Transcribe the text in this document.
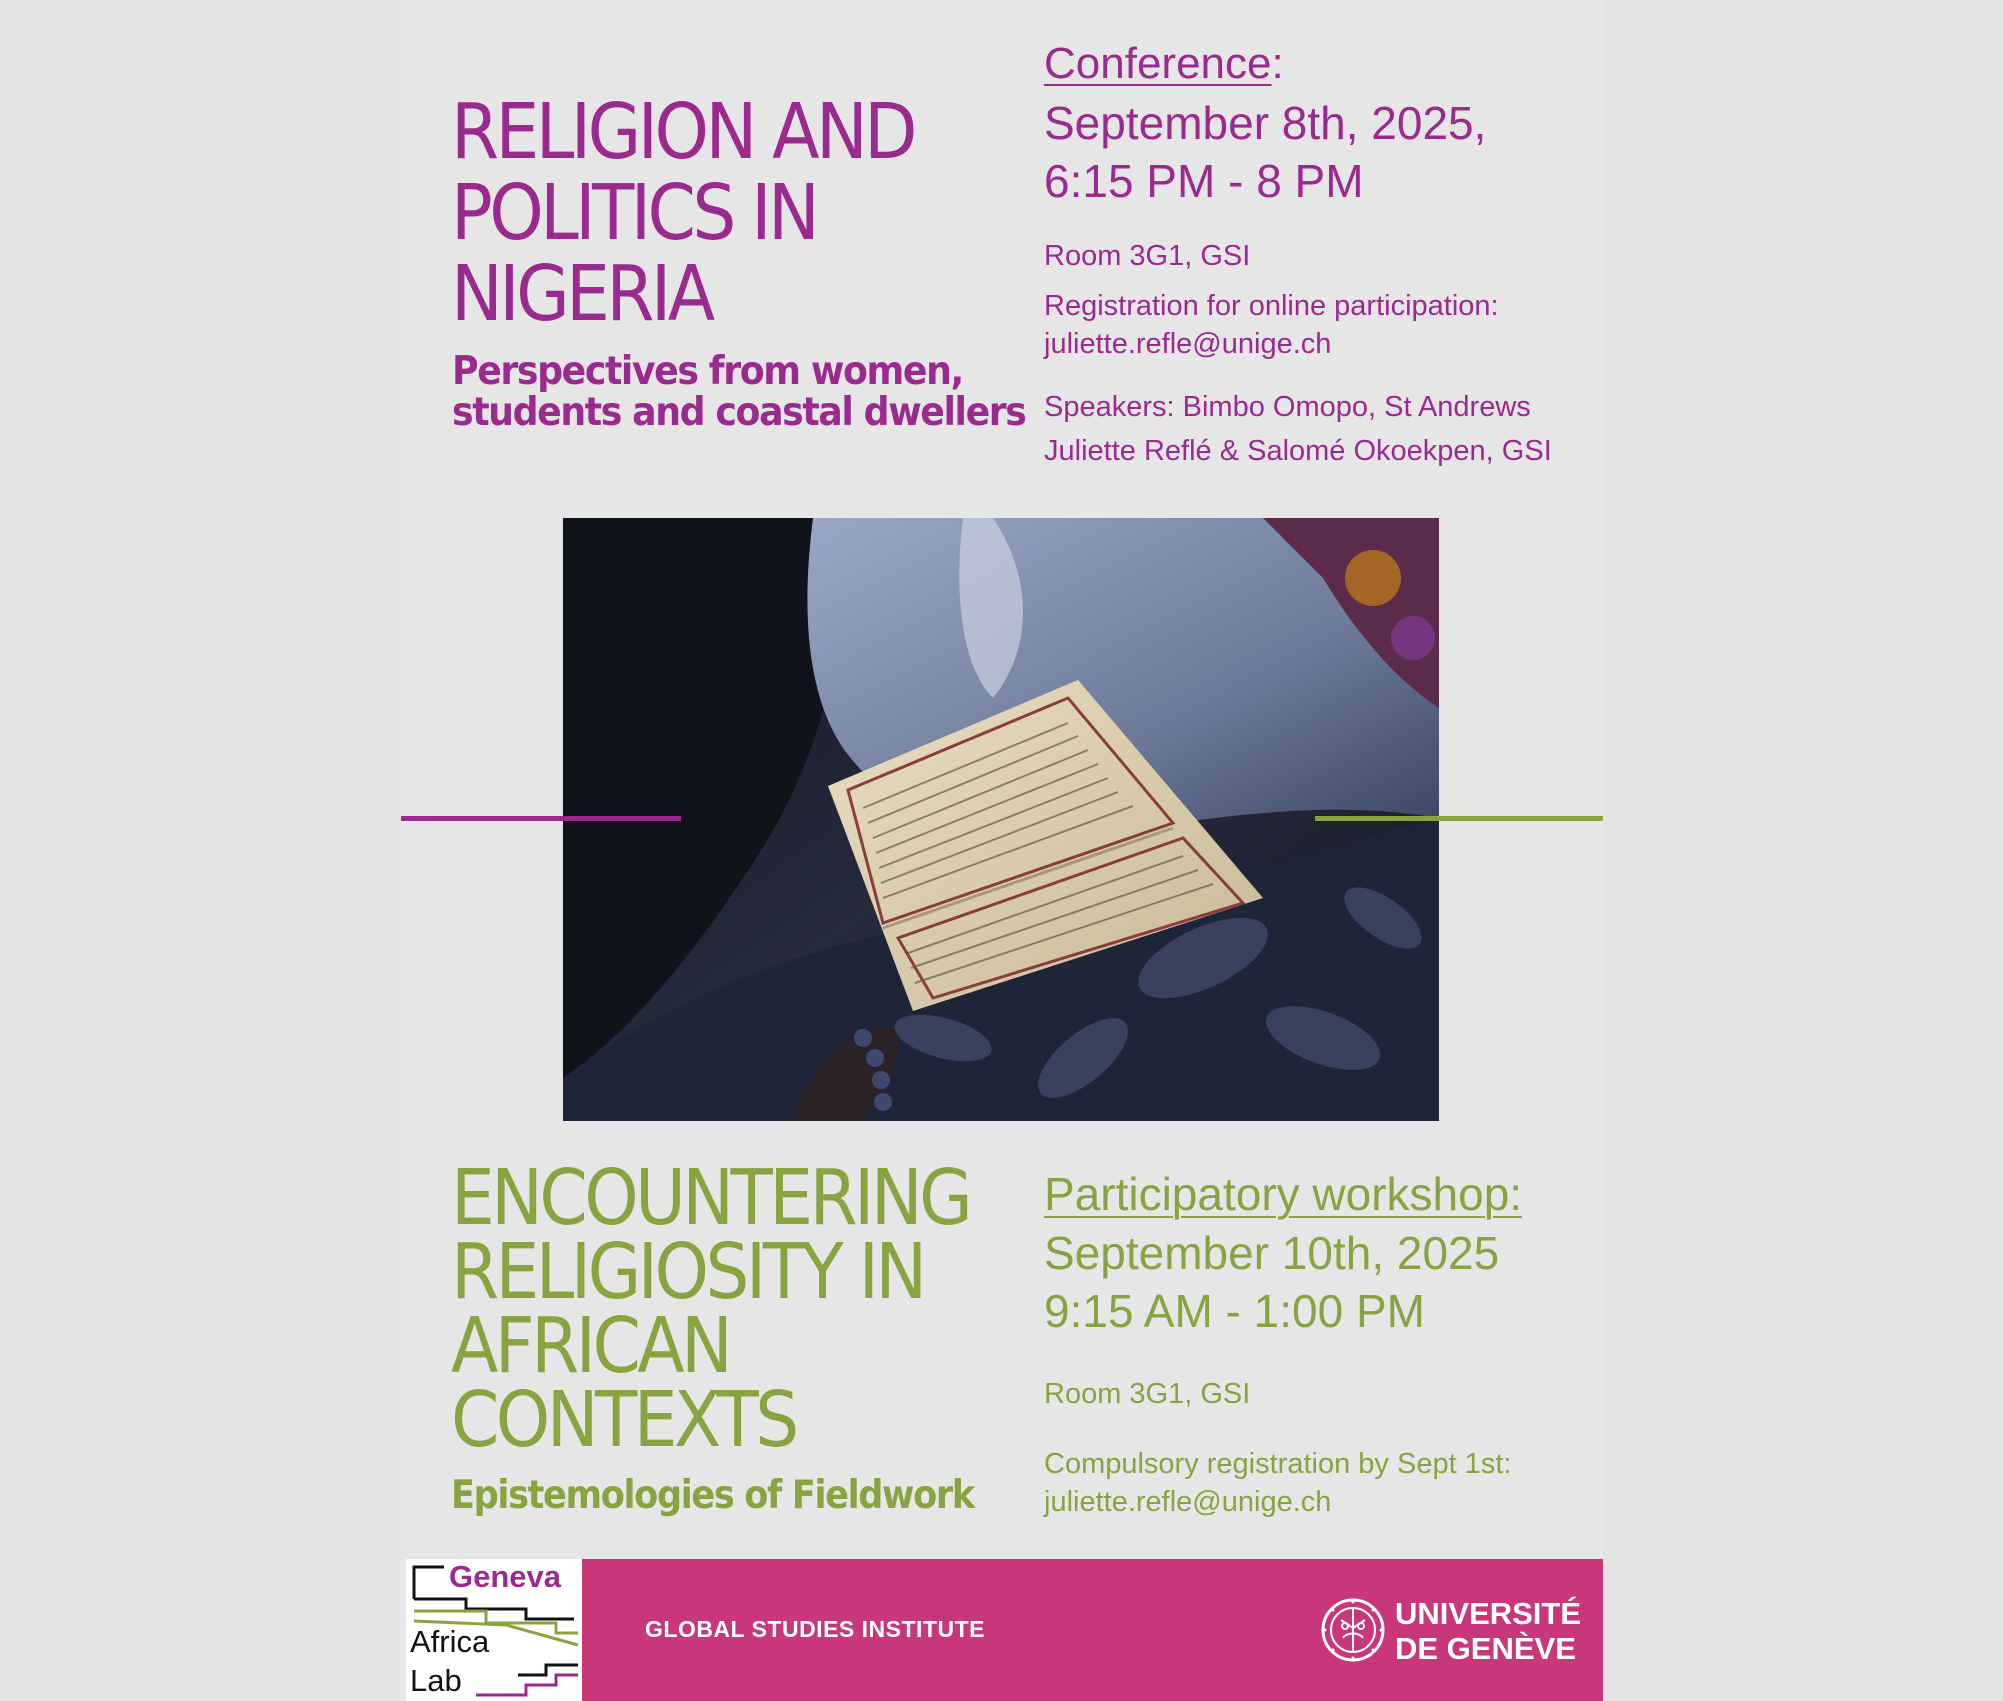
RELIGION AND
POLITICS IN
NIGERIA
Perspectives from women,
students and coastal dwellers
Conference:
September 8th, 2025,
6:15 PM - 8 PM
Room 3G1, GSI
Registration for online participation:
juliette.refle@unige.ch
Speakers: Bimbo Omopo, St Andrews
Juliette Reflé & Salomé Okoekpen, GSI
ENCOUNTERING
RELIGIOSITY IN
AFRICAN
CONTEXTS
Epistemologies of Fieldwork
Participatory workshop:
September 10th, 2025
9:15 AM - 1:00 PM
Room 3G1, GSI
Compulsory registration by Sept 1st:
juliette.refle@unige.ch
Geneva
Africa
Lab
GLOBAL STUDIES INSTITUTE	UNIVERSITÉ
DE GENÈVE
